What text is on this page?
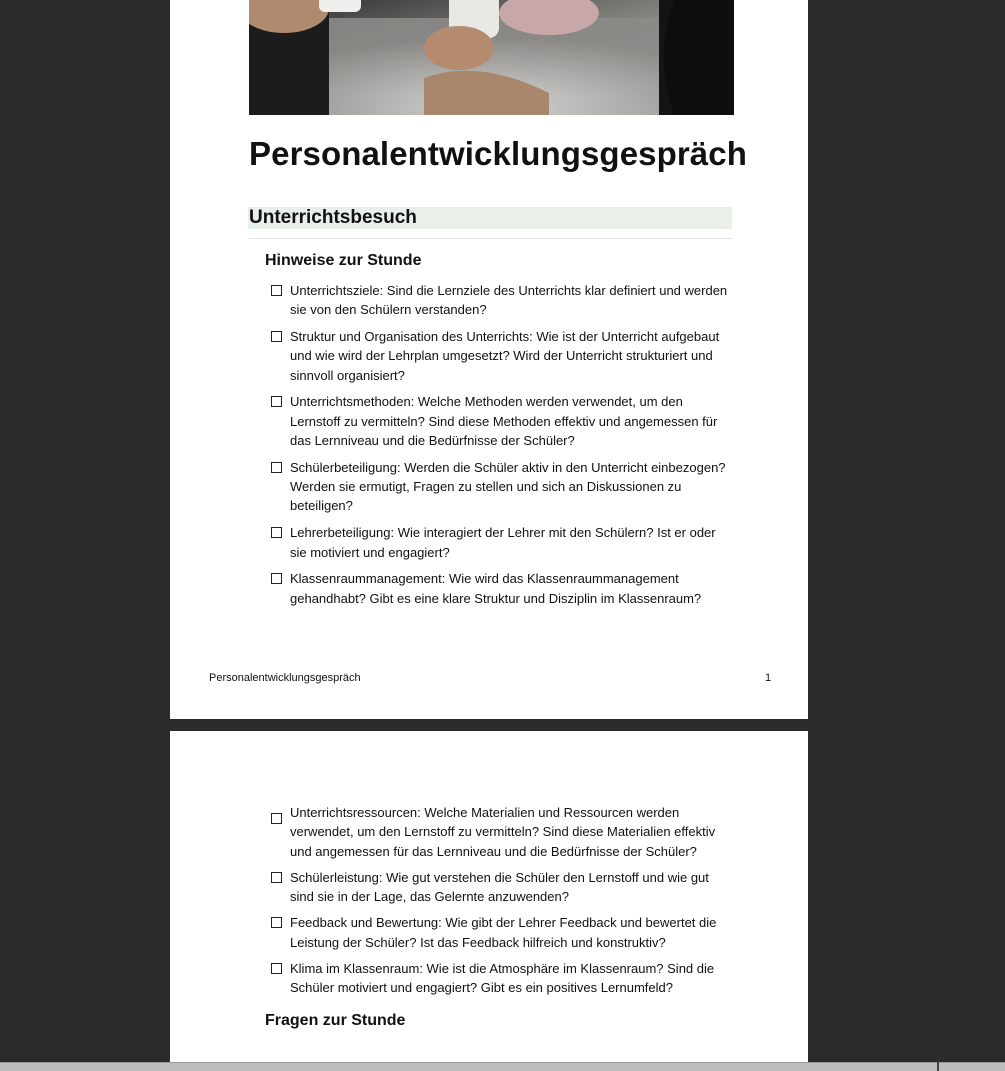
Personalentwicklungsgespräch
Unterrichtsbesuch
Hinweise zur Stunde
Unterrichtsziele: Sind die Lernziele des Unterrichts klar definiert und werden sie von den Schülern verstanden?
Struktur und Organisation des Unterrichts: Wie ist der Unterricht aufgebaut und wie wird der Lehrplan umgesetzt? Wird der Unterricht strukturiert und sinnvoll organisiert?
Unterrichtsmethoden: Welche Methoden werden verwendet, um den Lernstoff zu vermitteln? Sind diese Methoden effektiv und angemessen für das Lernniveau und die Bedürfnisse der Schüler?
Schülerbeteiligung: Werden die Schüler aktiv in den Unterricht einbezogen? Werden sie ermutigt, Fragen zu stellen und sich an Diskussionen zu beteiligen?
Lehrerbeteiligung: Wie interagiert der Lehrer mit den Schülern? Ist er oder sie motiviert und engagiert?
Klassenraummanagement: Wie wird das Klassenraummanagement gehandhabt? Gibt es eine klare Struktur und Disziplin im Klassenraum?
Personalentwicklungsgespräch	1
Unterrichtsressourcen: Welche Materialien und Ressourcen werden verwendet, um den Lernstoff zu vermitteln? Sind diese Materialien effektiv und angemessen für das Lernniveau und die Bedürfnisse der Schüler?
Schülerleistung: Wie gut verstehen die Schüler den Lernstoff und wie gut sind sie in der Lage, das Gelernte anzuwenden?
Feedback und Bewertung: Wie gibt der Lehrer Feedback und bewertet die Leistung der Schüler? Ist das Feedback hilfreich und konstruktiv?
Klima im Klassenraum: Wie ist die Atmosphäre im Klassenraum? Sind die Schüler motiviert und engagiert? Gibt es ein positives Lernumfeld?
Fragen zur Stunde
